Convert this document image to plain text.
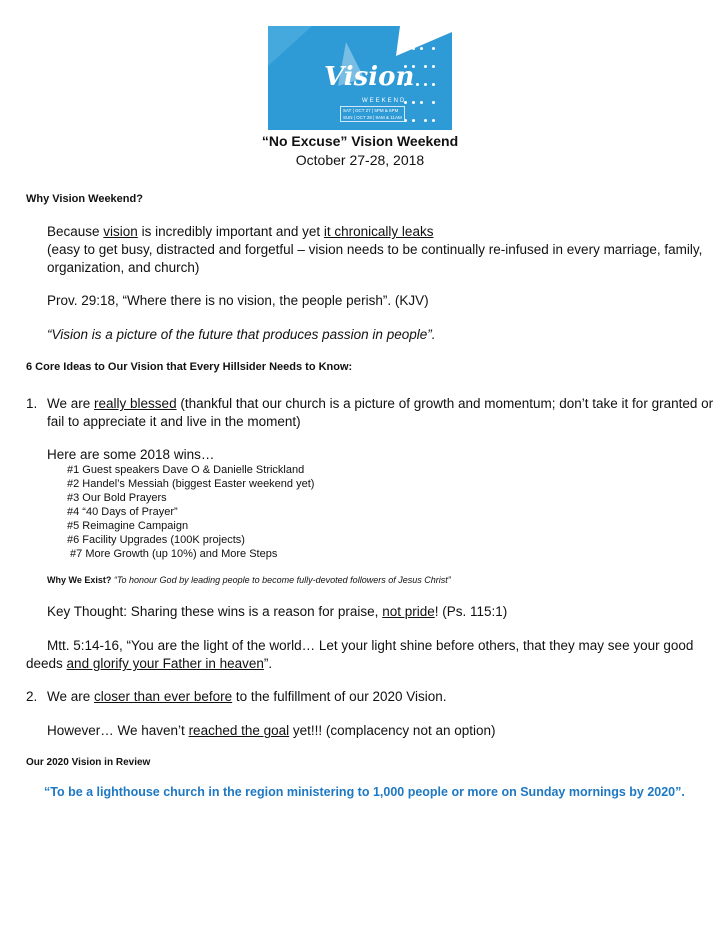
Vision
WEEKEND
SAT | OCT 27 | 5PM & 6PM
SUN | OCT 28 | 9AM & 11AM
“No Excuse” Vision Weekend
October 27-28, 2018
Why Vision Weekend?
Because vision is incredibly important and yet it chronically leaks
(easy to get busy, distracted and forgetful – vision needs to be continually re-infused in every marriage, family,
organization, and church)
Prov. 29:18, “Where there is no vision, the people perish”. (KJV)
“Vision is a picture of the future that produces passion in people”.
6 Core Ideas to Our Vision that Every Hillsider Needs to Know:
1. We are really blessed (thankful that our church is a picture of growth and momentum; don’t take it for granted or
fail to appreciate it and live in the moment)
Here are some 2018 wins…
#1 Guest speakers Dave O & Danielle Strickland
#2 Handel’s Messiah (biggest Easter weekend yet)
#3 Our Bold Prayers
#4 “40 Days of Prayer”
#5 Reimagine Campaign
#6 Facility Upgrades (100K projects)
#7 More Growth (up 10%) and More Steps
Why We Exist? “To honour God by leading people to become fully-devoted followers of Jesus Christ”
Key Thought: Sharing these wins is a reason for praise, not pride! (Ps. 115:1)
Mtt. 5:14-16, “You are the light of the world… Let your light shine before others, that they may see your good
deeds and glorify your Father in heaven”.
2. We are closer than ever before to the fulfillment of our 2020 Vision.
However… We haven’t reached the goal yet!!! (complacency not an option)
Our 2020 Vision in Review
“To be a lighthouse church in the region ministering to 1,000 people or more on Sunday mornings by 2020”.
